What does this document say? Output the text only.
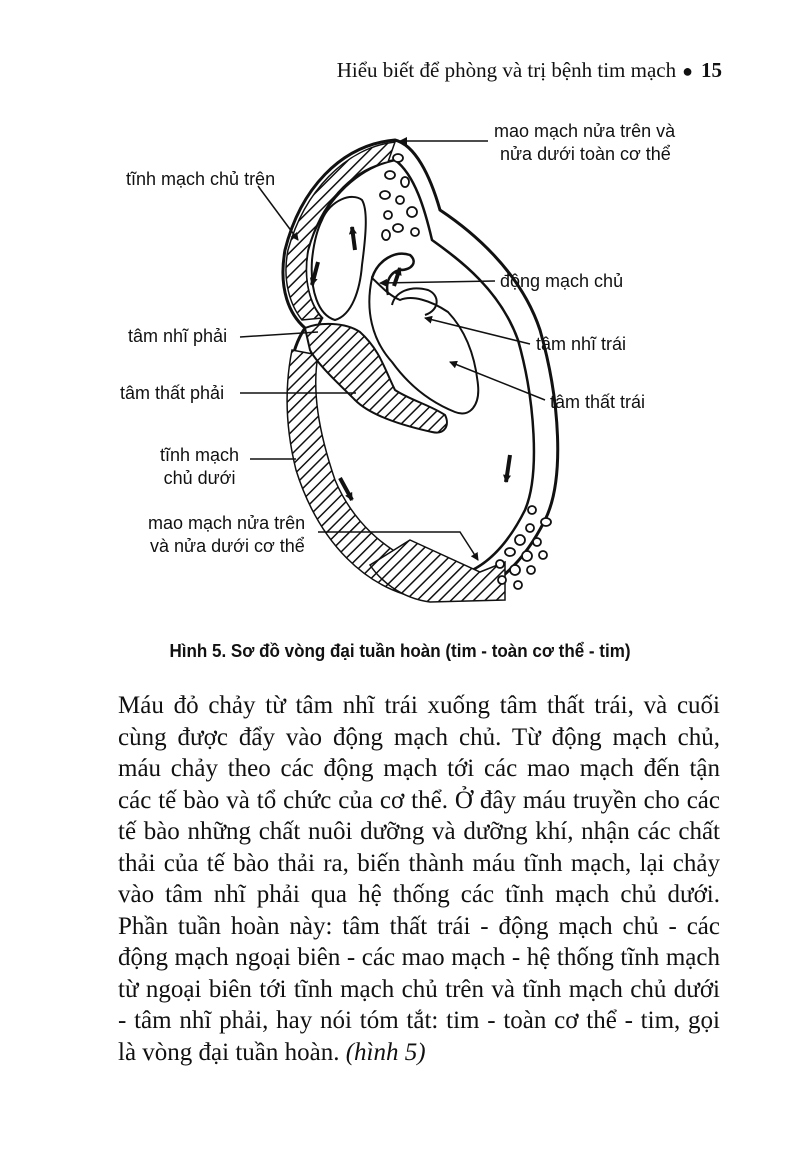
Hiểu biết để phòng và trị bệnh tim mạch ● 15
mao mạch nửa trên và
nửa dưới toàn cơ thể
tĩnh mạch chủ trên
động mạch chủ
tâm nhĩ phải	tâm nhĩ trái
tâm thất phải	tâm thất trái
tĩnh mạch
chủ dưới
mao mạch nửa trên
và nửa dưới cơ thể
Hình 5. Sơ đồ vòng đại tuần hoàn (tim - toàn cơ thể - tim)
Máu đỏ chảy từ tâm nhĩ trái xuống tâm thất trái, và cuối cùng được đẩy vào động mạch chủ. Từ động mạch chủ, máu chảy theo các động mạch tới các mao mạch đến tận các tế bào và tổ chức của cơ thể. Ở đây máu truyền cho các tế bào những chất nuôi dưỡng và dưỡng khí, nhận các chất thải của tế bào thải ra, biến thành máu tĩnh mạch, lại chảy vào tâm nhĩ phải qua hệ thống các tĩnh mạch chủ dưới. Phần tuần hoàn này: tâm thất trái - động mạch chủ - các động mạch ngoại biên - các mao mạch - hệ thống tĩnh mạch từ ngoại biên tới tĩnh mạch chủ trên và tĩnh mạch chủ dưới - tâm nhĩ phải, hay nói tóm tắt: tim - toàn cơ thể - tim, gọi là vòng đại tuần hoàn. (hình 5)
